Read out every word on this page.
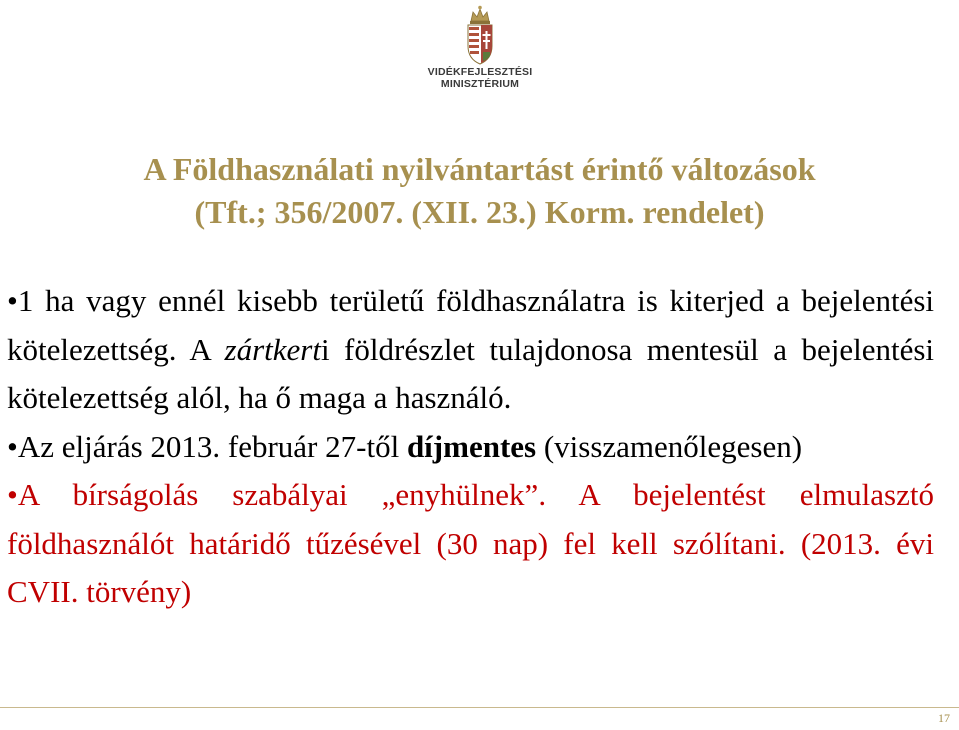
VIDÉKFEJLESZTÉSI
MINISZTÉRIUM
A Földhasználati nyilvántartást érintő változások
(Tft.; 356/2007. (XII. 23.) Korm. rendelet)

•1 ha vagy ennél kisebb területű földhasználatra is kiterjed a bejelentési kötelezettség. A zártkerti földrészlet tulajdonosa mentesül a bejelentési kötelezettség alól, ha ő maga a használó.

•Az eljárás 2013. február 27-től díjmentes (visszamenőlegesen)

•A bírságolás szabályai „enyhülnek”. A bejelentést elmulasztó földhasználót határidő tűzésével (30 nap) fel kell szólítani. (2013. évi CVII. törvény)

17
